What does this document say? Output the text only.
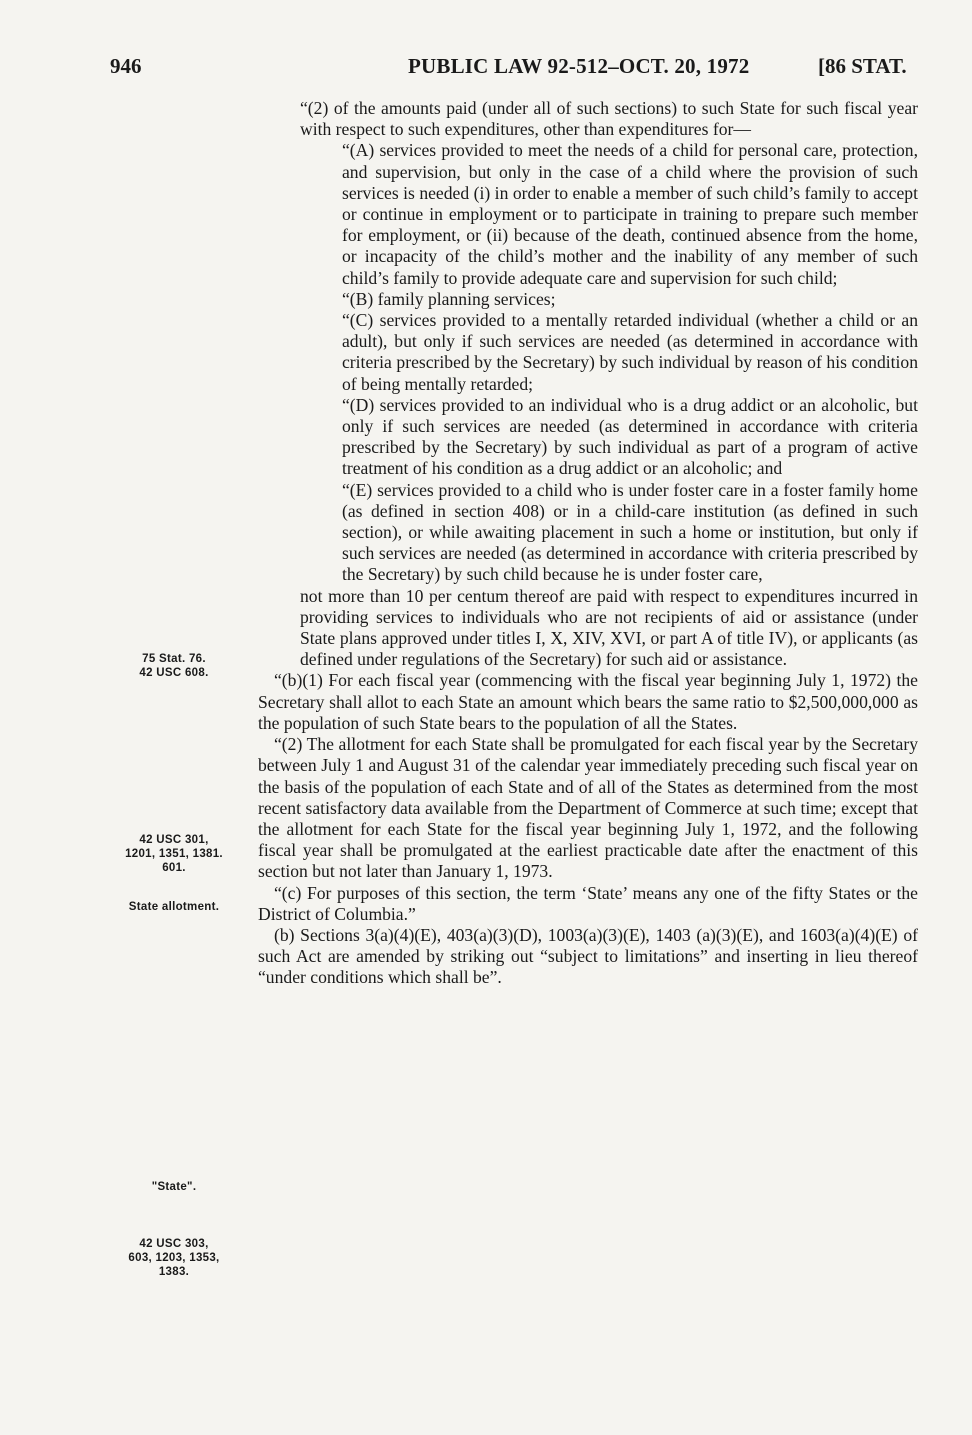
946	PUBLIC LAW 92-512–OCT. 20, 1972	[86 STAT.
75 Stat. 76.
42 USC 608.
42 USC 301,
1201, 1351, 1381.
601.
State allotment.
"State".
42 USC 303,
603, 1203, 1353,
1383.

“(2) of the amounts paid (under all of such sections) to such State for such fiscal year with respect to such expenditures, other than expenditures for—

“(A) services provided to meet the needs of a child for personal care, protection, and supervision, but only in the case of a child where the provision of such services is needed (i) in order to enable a member of such child’s family to accept or continue in employment or to participate in training to prepare such member for employment, or (ii) because of the death, continued absence from the home, or incapacity of the child’s mother and the inability of any member of such child’s family to provide adequate care and supervision for such child;

“(B) family planning services;

“(C) services provided to a mentally retarded individual (whether a child or an adult), but only if such services are needed (as determined in accordance with criteria prescribed by the Secretary) by such individual by reason of his condition of being mentally retarded;

“(D) services provided to an individual who is a drug addict or an alcoholic, but only if such services are needed (as determined in accordance with criteria prescribed by the Secretary) by such individual as part of a program of active treatment of his condition as a drug addict or an alcoholic; and

“(E) services provided to a child who is under foster care in a foster family home (as defined in section 408) or in a child-care institution (as defined in such section), or while awaiting placement in such a home or institution, but only if such services are needed (as determined in accordance with criteria prescribed by the Secretary) by such child because he is under foster care,

not more than 10 per centum thereof are paid with respect to expenditures incurred in providing services to individuals who are not recipients of aid or assistance (under State plans approved under titles I, X, XIV, XVI, or part A of title IV), or applicants (as defined under regulations of the Secretary) for such aid or assistance.

“(b)(1) For each fiscal year (commencing with the fiscal year beginning July 1, 1972) the Secretary shall allot to each State an amount which bears the same ratio to $2,500,000,000 as the population of such State bears to the population of all the States.

“(2) The allotment for each State shall be promulgated for each fiscal year by the Secretary between July 1 and August 31 of the calendar year immediately preceding such fiscal year on the basis of the population of each State and of all of the States as determined from the most recent satisfactory data available from the Department of Commerce at such time; except that the allotment for each State for the fiscal year beginning July 1, 1972, and the following fiscal year shall be promulgated at the earliest practicable date after the enactment of this section but not later than January 1, 1973.

“(c) For purposes of this section, the term ‘State’ means any one of the fifty States or the District of Columbia.”

(b) Sections 3(a)(4)(E), 403(a)(3)(D), 1003(a)(3)(E), 1403 (a)(3)(E), and 1603(a)(4)(E) of such Act are amended by striking out “subject to limitations” and inserting in lieu thereof “under conditions which shall be”.
